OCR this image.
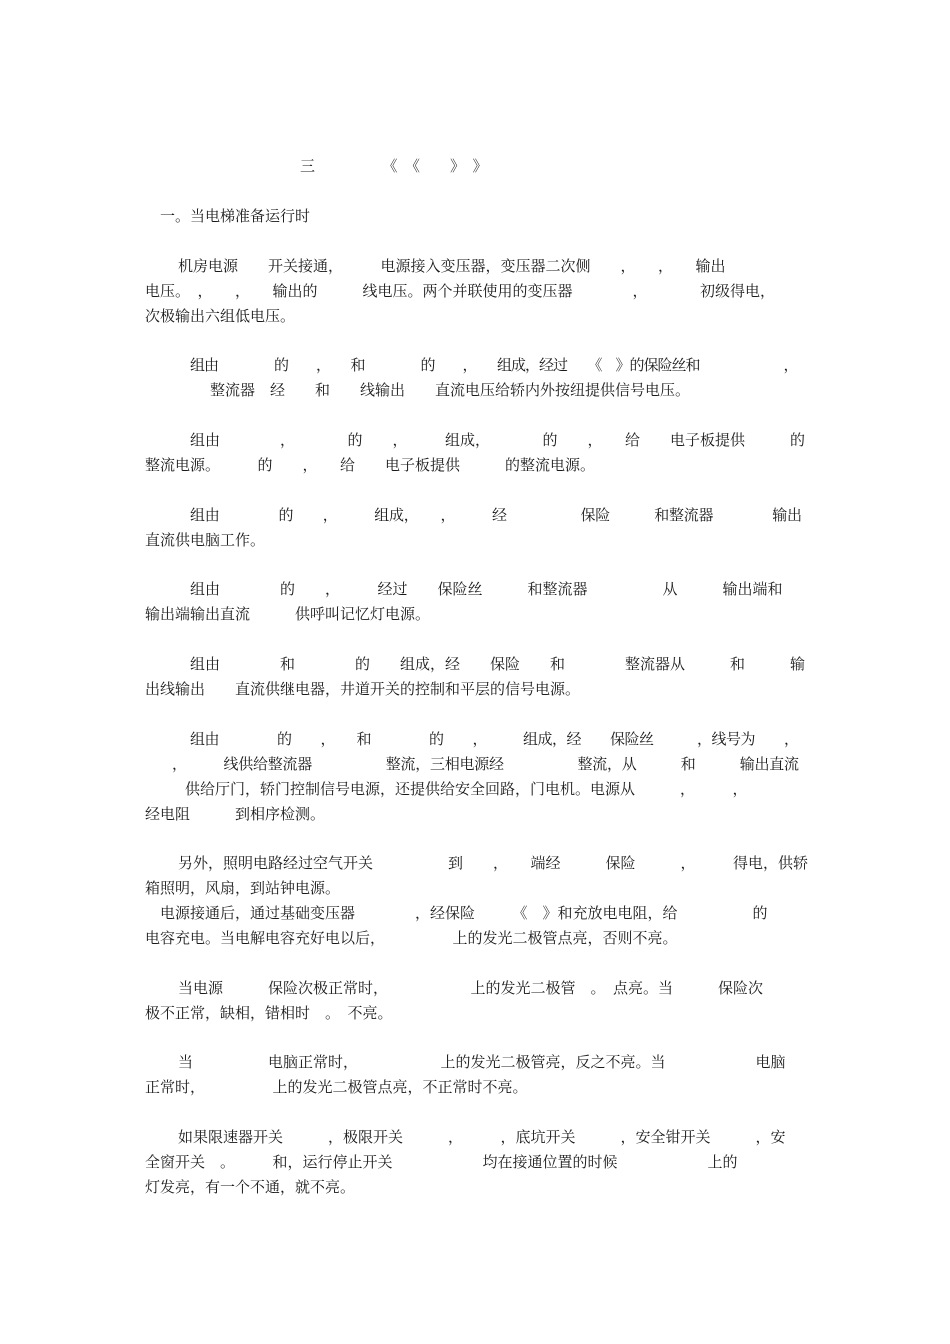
三　　　　　《　《　　》　》
一。当电梯准备运行时
机房电源　　开关接通，　　　电源接入变压器，变压器二次侧　　，　　，　　输出
电压。　，　　，　　输出的　　　线电压。两个并联使用的变压器　　　　，　　　　初级得电，
次极输出六组低电压。
组由　　　　的　　，　　和　　　　的　　，　　组成，经过　　《　》的保险丝和　　　　　　，
整流器　经　　和　　线输出　　直流电压给轿内外按纽提供信号电压。
组由　　　　，　　　　的　　，　　　组成，　　　　的　　，　　给　　电子板提供　　　的
整流电源。　　　的　　，　　给　　电子板提供　　　的整流电源。
组由　　　　的　　，　　　组成，　　，　　　经　　　　　保险　　　和整流器　　　　输出
直流供电脑工作。
组由　　　　的　　，　　　经过　　保险丝　　　和整流器　　　　　从　　　输出端和
输出端输出直流　　　供呼叫记忆灯电源。
组由　　　　和　　　　的　　组成，经　　保险　　和　　　　整流器从　　　和　　　输
出线输出　　直流供继电器，井道开关的控制和平层的信号电源。
组由　　　　的　　，　　和　　　　的　　，　　　组成，经　　保险丝　　　，线号为　　，
，　　　线供给整流器　　　　　整流，三相电源经　　　　　整流，从　　　和　　　输出直流
供给厅门，轿门控制信号电源，还提供给安全回路，门电机。电源从　　　，　　　，
经电阻　　　到相序检测。
另外，照明电路经过空气开关　　　　　到　　，　　端经　　　保险　　　，　　　得电，供轿
箱照明，风扇，到站钟电源。
电源接通后，通过基础变压器　　　　，经保险　　　《　》和充放电电阻，给　　　　　的
电容充电。当电解电容充好电以后，　　　　　上的发光二极管点亮，否则不亮。
当电源　　　保险次极正常时，　　　　　　上的发光二极管　。　点亮。当　　　保险次
极不正常，缺相，错相时　。　不亮。
当　　　　　电脑正常时，　　　　　　上的发光二极管亮，反之不亮。当　　　　　　电脑
正常时，　　　　　上的发光二极管点亮，不正常时不亮。
如果限速器开关　　　，极限开关　　　，　　　，底坑开关　　　，安全钳开关　　　，安
全窗开关　。　　　和，运行停止开关　　　　　　均在接通位置的时候　　　　　　上的
灯发亮，有一个不通，就不亮。
